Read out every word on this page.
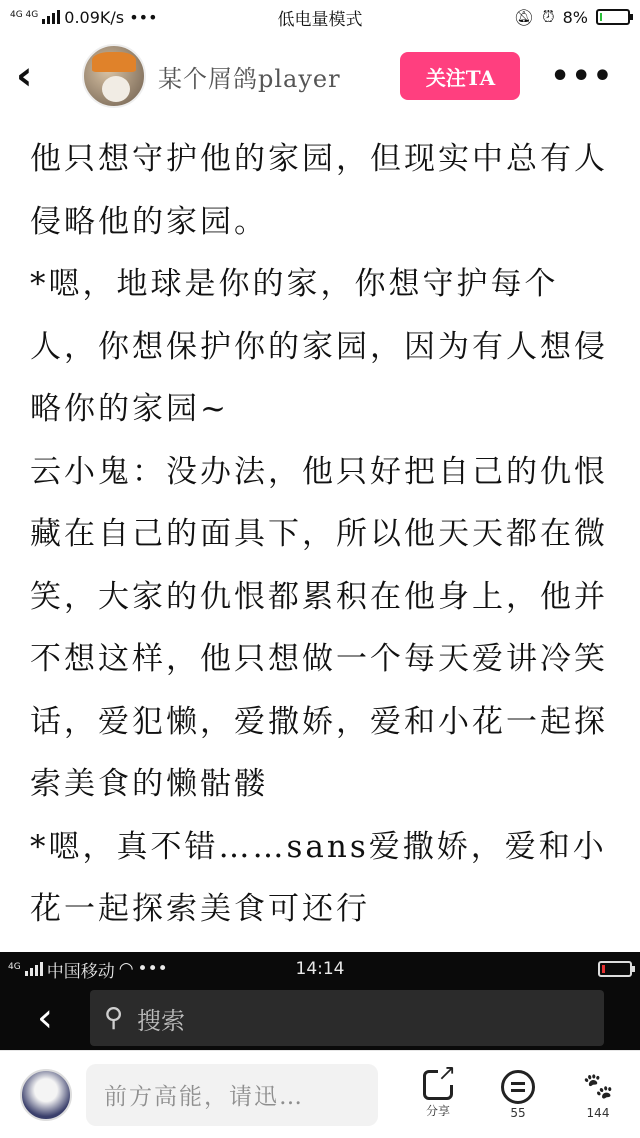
4G 4G 0.09K/s •••	低电量模式	🔕︎ ⏰︎ 8%
‹	某个屑鸽player	关注TA	•••

他只想守护他的家园，但现实中总有人侵略他的家园。

*嗯，地球是你的家，你想守护每个人，你想保护你的家园，因为有人想侵略你的家园~

云小鬼：没办法，他只好把自己的仇恨藏在自己的面具下，所以他天天都在微笑，大家的仇恨都累积在他身上，他并不想这样，他只想做一个每天爱讲冷笑话，爱犯懒，爱撒娇，爱和小花一起探索美食的懒骷髅

*嗯，真不错……sans爱撒娇，爱和小花一起探索美食可还行

4G 中国移动 ◠ •••	14:14
‹	⚲ 搜索
前方高能，请迅…
↗
分享	55
🐾︎
144
